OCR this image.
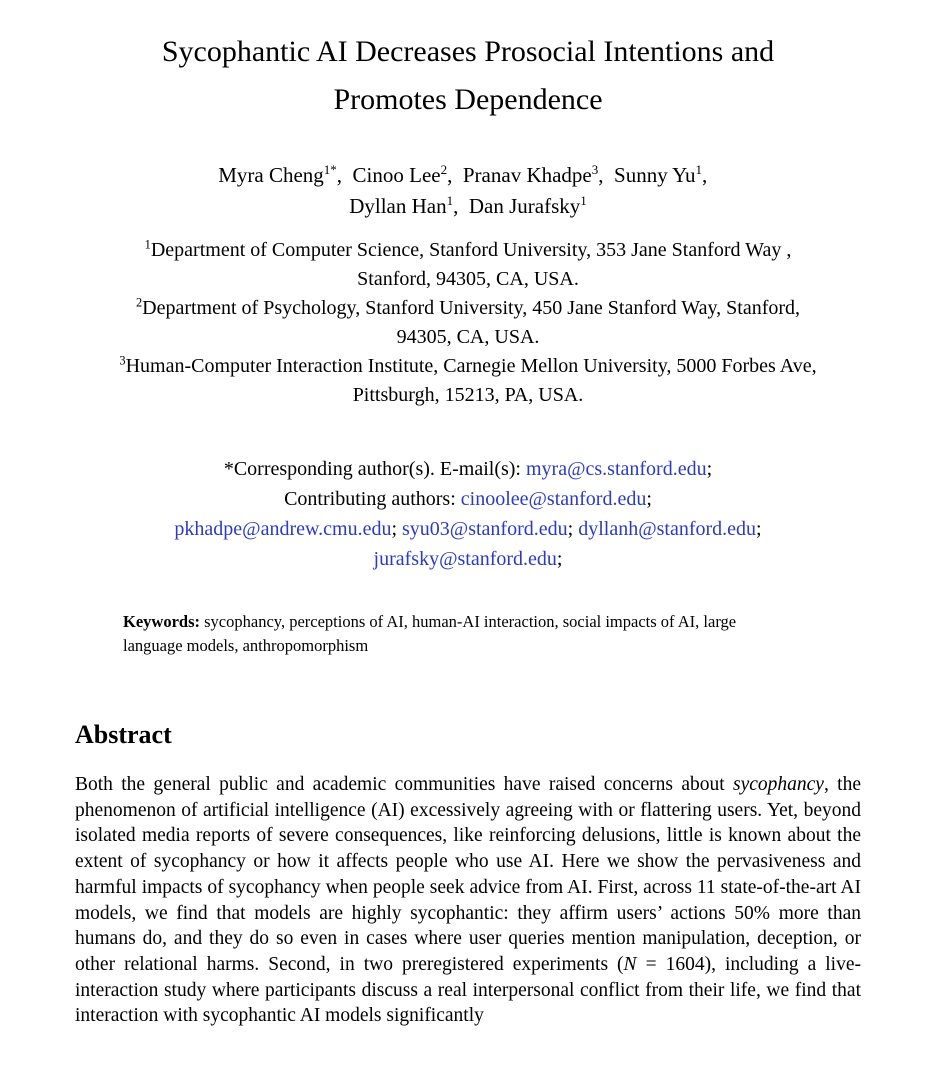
Sycophantic AI Decreases Prosocial Intentions and
Promotes Dependence
Myra Cheng$^{1*}$, Cinoo Lee$^2$, Pranav Khadpe$^3$, Sunny Yu$^1$, 
Dyllan Han$^1$, Dan Jurafsky$^1$
$^1$Department of Computer Science, Stanford University, 353 Jane Stanford Way , Stanford, 94305, CA, USA.
$^2$Department of Psychology, Stanford University, 450 Jane Stanford Way, Stanford, 94305, CA, USA.
$^3$Human-Computer Interaction Institute, Carnegie Mellon University, 5000 Forbes Ave, Pittsburgh, 15213, PA, USA.
*Corresponding author(s). E-mail(s): myra@cs.stanford.edu;
Contributing authors: cinoolee@stanford.edu;
pkhadpe@andrew.cmu.edu; syu03@stanford.edu; dyllanh@stanford.edu;
jurafsky@stanford.edu;
Keywords: sycophancy, perceptions of AI, human-AI interaction, social impacts of AI, large language models, anthropomorphism
Abstract
Both the general public and academic communities have raised concerns about sycophancy, the phenomenon of artificial intelligence (AI) excessively agreeing with or flattering users. Yet, beyond isolated media reports of severe consequences, like reinforcing delusions, little is known about the extent of sycophancy or how it affects people who use AI. Here we show the pervasiveness and harmful impacts of sycophancy when people seek advice from AI. First, across 11 state-of-the-art AI models, we find that models are highly sycophantic: they affirm users’ actions 50% more than humans do, and they do so even in cases where user queries mention manipulation, deception, or other relational harms. Second, in two preregistered experiments (N = 1604), including a live-interaction study where participants discuss a real interpersonal conflict from their life, we find that interaction with sycophantic AI models significantly
